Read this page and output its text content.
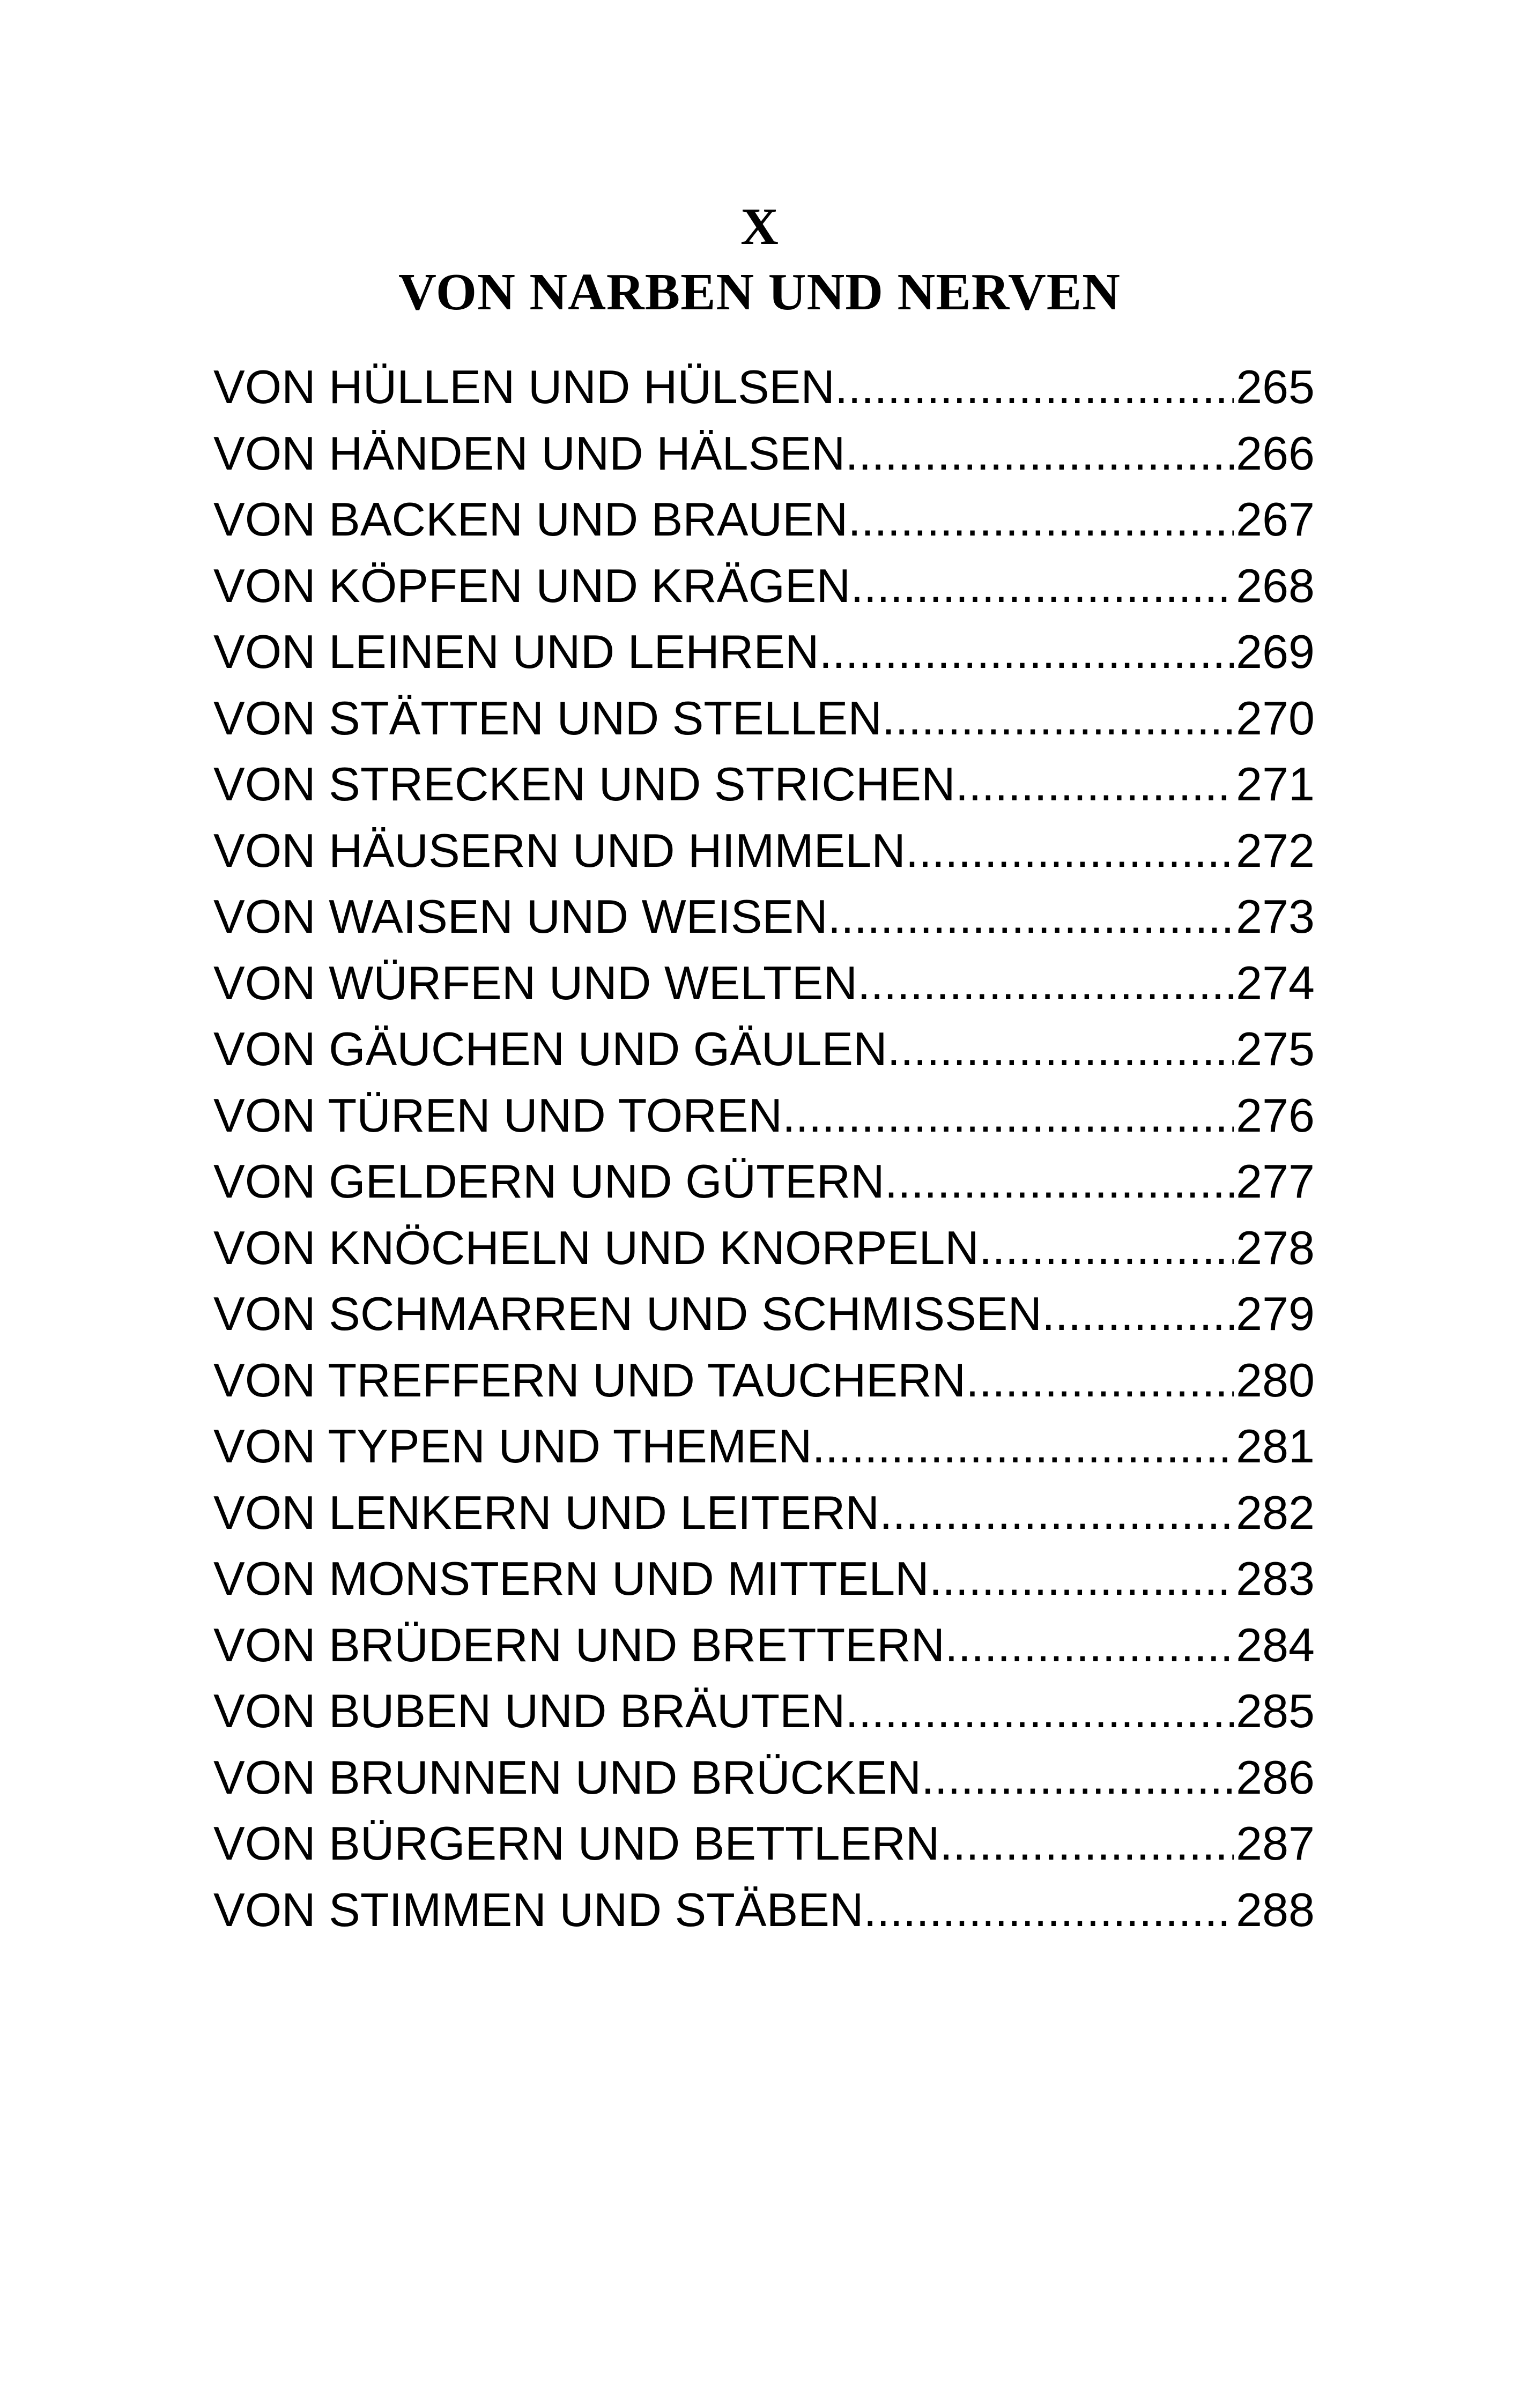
X
VON NARBEN UND NERVEN
VON HÜLLEN UND HÜLSEN .....	265
VON HÄNDEN UND HÄLSEN .....	266
VON BACKEN UND BRAUEN .....	267
VON KÖPFEN UND KRÄGEN .....	268
VON LEINEN UND LEHREN .....	269
VON STÄTTEN UND STELLEN .....	270
VON STRECKEN UND STRICHEN .....	271
VON HÄUSERN UND HIMMELN .....	272
VON WAISEN UND WEISEN .....	273
VON WÜRFEN UND WELTEN .....	274
VON GÄUCHEN UND GÄULEN .....	275
VON TÜREN UND TOREN .....	276
VON GELDERN UND GÜTERN .....	277
VON KNÖCHELN UND KNORPELN .....	278
VON SCHMARREN UND SCHMISSEN .....	279
VON TREFFERN UND TAUCHERN .....	280
VON TYPEN UND THEMEN .....	281
VON LENKERN UND LEITERN .....	282
VON MONSTERN UND MITTELN .....	283
VON BRÜDERN UND BRETTERN .....	284
VON BUBEN UND BRÄUTEN .....	285
VON BRUNNEN UND BRÜCKEN .....	286
VON BÜRGERN UND BETTLERN .....	287
VON STIMMEN UND STÄBEN .....	288
